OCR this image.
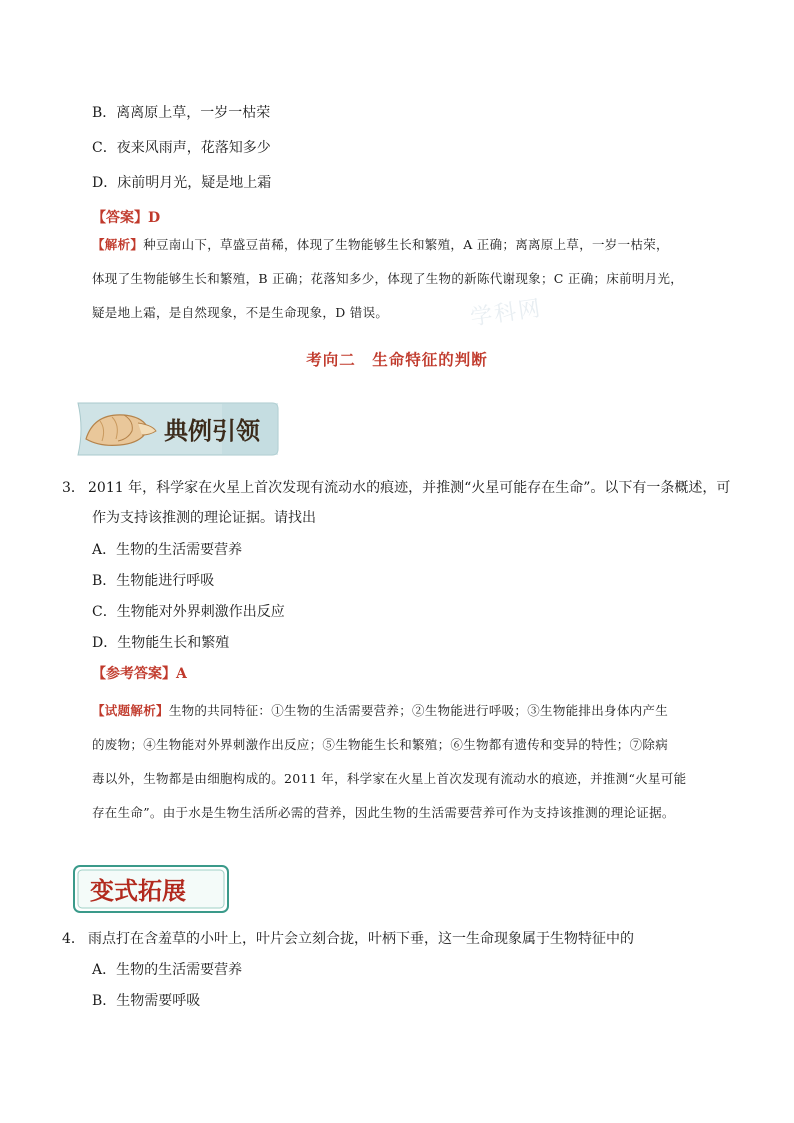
学科网
B．离离原上草，一岁一枯荣
C．夜来风雨声，花落知多少
D．床前明月光，疑是地上霜
【答案】D
【解析】种豆南山下，草盛豆苗稀，体现了生物能够生长和繁殖，A 正确；离离原上草，一岁一枯荣，
体现了生物能够生长和繁殖，B 正确；花落知多少，体现了生物的新陈代谢现象；C 正确；床前明月光，
疑是地上霜，是自然现象，不是生命现象，D 错误。
考向二　生命特征的判断
典例引领
3． 2011 年，科学家在火星上首次发现有流动水的痕迹，并推测“火星可能存在生命”。以下有一条概述，可
作为支持该推测的理论证据。请找出
A．生物的生活需要营养
B．生物能进行呼吸
C．生物能对外界刺激作出反应
D．生物能生长和繁殖
【参考答案】A
【试题解析】生物的共同特征：①生物的生活需要营养；②生物能进行呼吸；③生物能排出身体内产生
的废物；④生物能对外界刺激作出反应；⑤生物能生长和繁殖；⑥生物都有遗传和变异的特性；⑦除病
毒以外，生物都是由细胞构成的。2011 年，科学家在火星上首次发现有流动水的痕迹，并推测“火星可能
存在生命”。由于水是生物生活所必需的营养，因此生物的生活需要营养可作为支持该推测的理论证据。
变式拓展
4． 雨点打在含羞草的小叶上，叶片会立刻合拢，叶柄下垂，这一生命现象属于生物特征中的
A．生物的生活需要营养
B．生物需要呼吸
